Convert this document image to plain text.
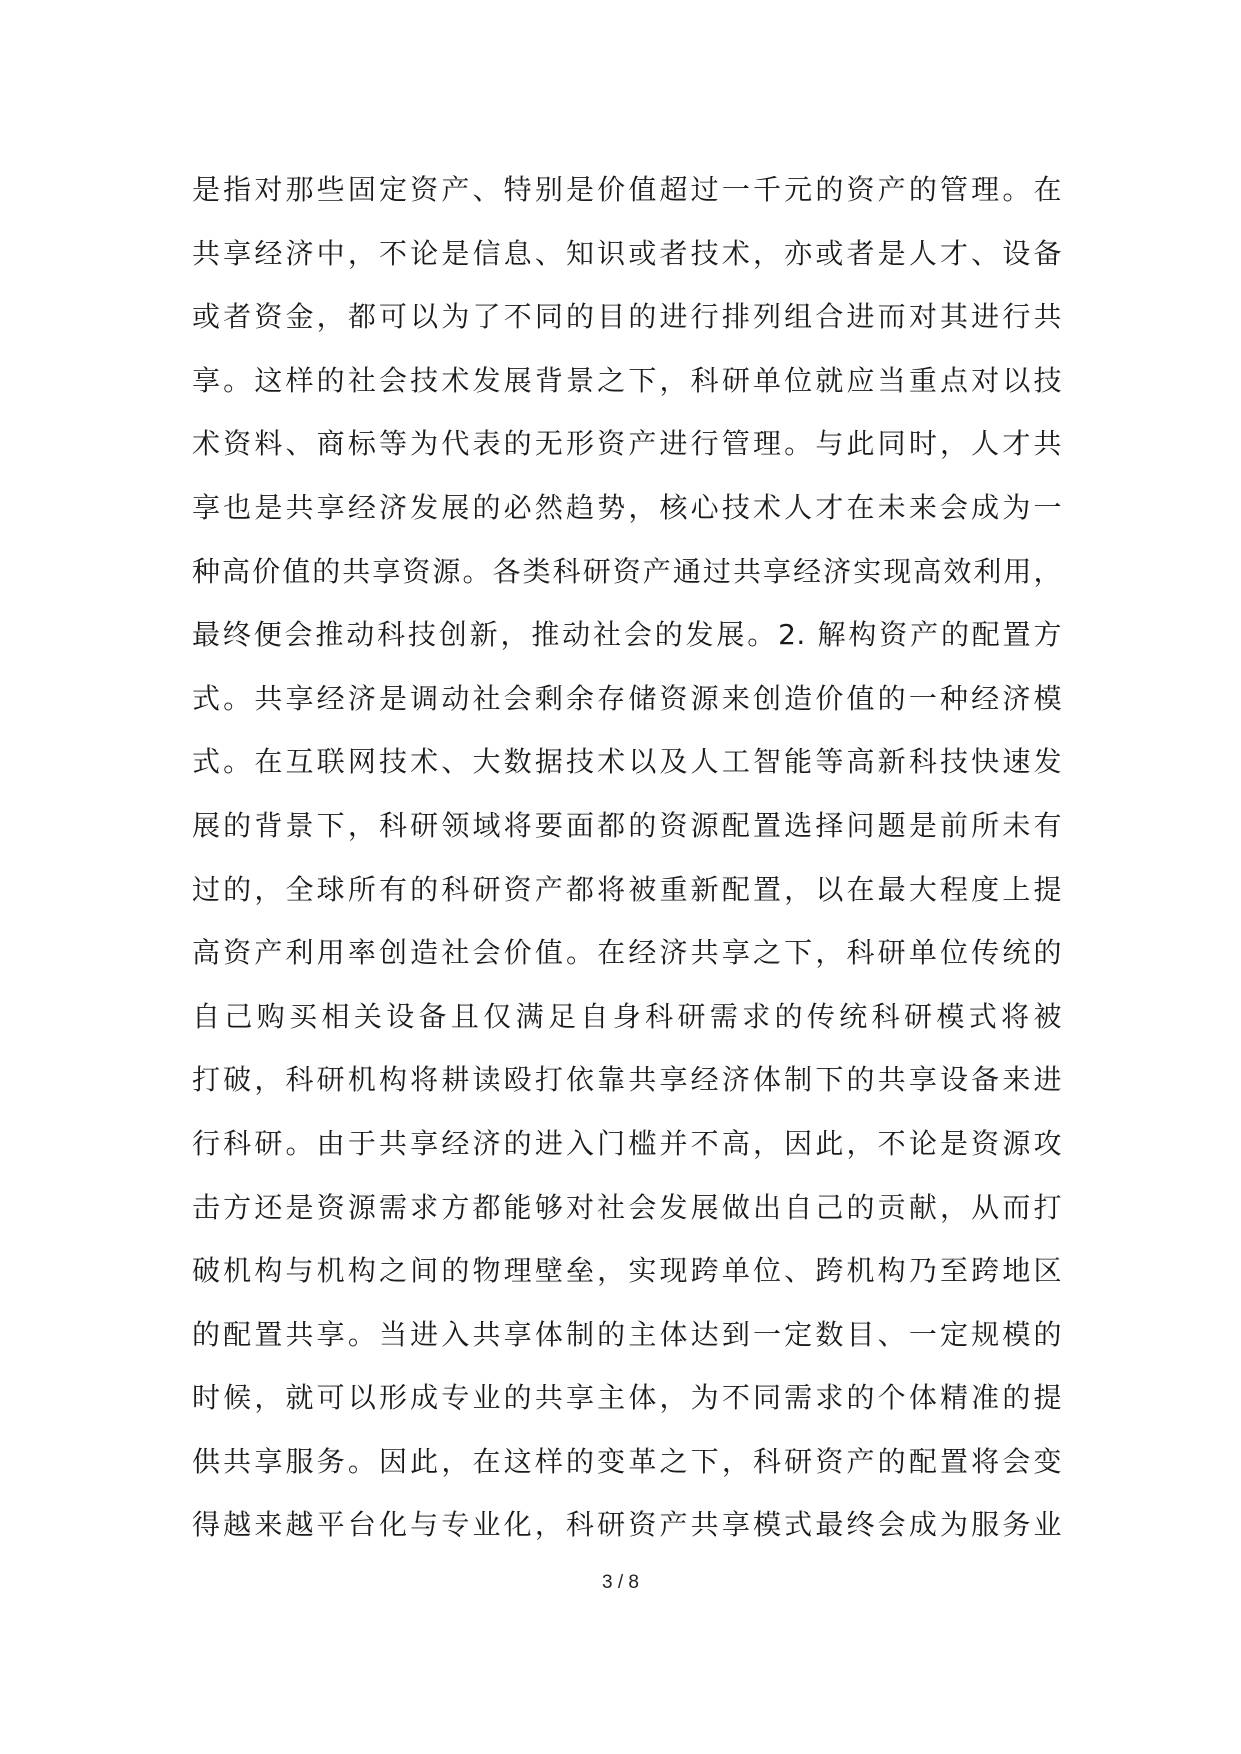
是指对那些固定资产、特别是价值超过一千元的资产的管理。在
共享经济中，不论是信息、知识或者技术，亦或者是人才、设备
或者资金，都可以为了不同的目的进行排列组合进而对其进行共
享。这样的社会技术发展背景之下，科研单位就应当重点对以技
术资料、商标等为代表的无形资产进行管理。与此同时，人才共
享也是共享经济发展的必然趋势，核心技术人才在未来会成为一
种高价值的共享资源。各类科研资产通过共享经济实现高效利用，
最终便会推动科技创新，推动社会的发展。2. 解构资产的配置方
式。共享经济是调动社会剩余存储资源来创造价值的一种经济模
式。在互联网技术、大数据技术以及人工智能等高新科技快速发
展的背景下，科研领域将要面都的资源配置选择问题是前所未有
过的，全球所有的科研资产都将被重新配置，以在最大程度上提
高资产利用率创造社会价值。在经济共享之下，科研单位传统的
自己购买相关设备且仅满足自身科研需求的传统科研模式将被
打破，科研机构将耕读殴打依靠共享经济体制下的共享设备来进
行科研。由于共享经济的进入门槛并不高，因此，不论是资源攻
击方还是资源需求方都能够对社会发展做出自己的贡献，从而打
破机构与机构之间的物理壁垒，实现跨单位、跨机构乃至跨地区
的配置共享。当进入共享体制的主体达到一定数目、一定规模的
时候，就可以形成专业的共享主体，为不同需求的个体精准的提
供共享服务。因此，在这样的变革之下，科研资产的配置将会变
得越来越平台化与专业化，科研资产共享模式最终会成为服务业
3 / 8
